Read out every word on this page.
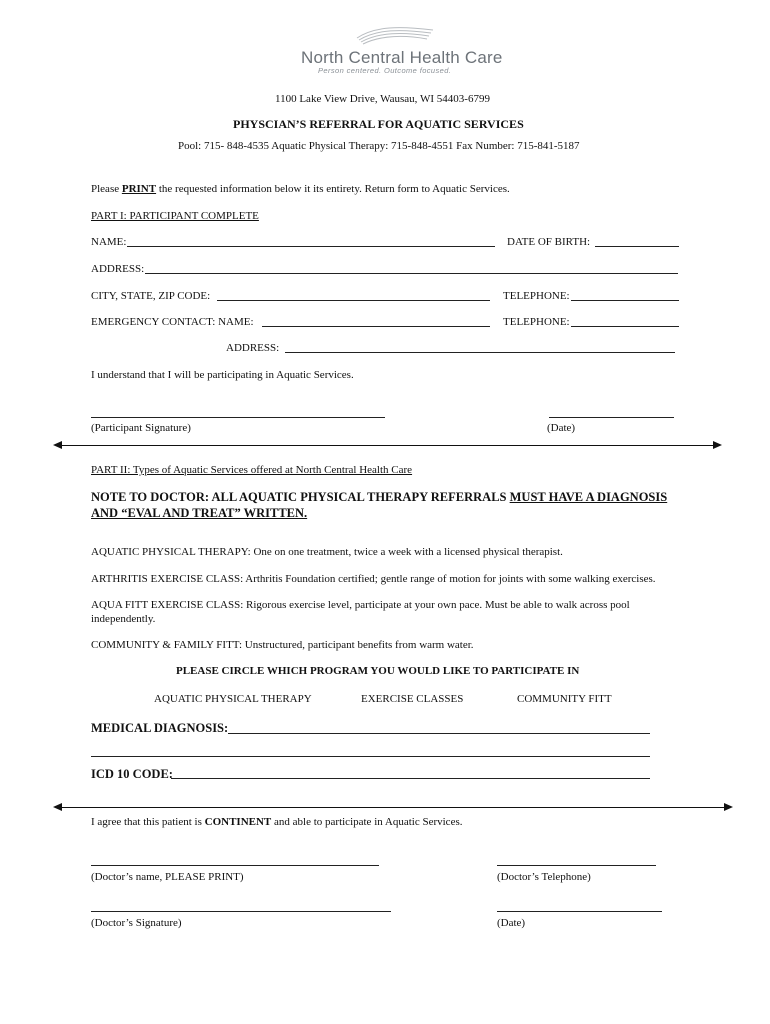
North Central Health Care
Person centered. Outcome focused.
1100 Lake View Drive, Wausau, WI 54403-6799
PHYSCIAN’S REFERRAL FOR AQUATIC SERVICES
Pool: 715- 848-4535 Aquatic Physical Therapy: 715-848-4551 Fax Number: 715-841-5187
Please PRINT the requested information below it its entirety. Return form to Aquatic Services.
PART I: PARTICIPANT COMPLETE
NAME:	DATE OF BIRTH:
ADDRESS:
CITY, STATE, ZIP CODE:	TELEPHONE:
EMERGENCY CONTACT: NAME:	TELEPHONE:
ADDRESS:
I understand that I will be participating in Aquatic Services.
(Participant Signature)	(Date)
PART II: Types of Aquatic Services offered at North Central Health Care
NOTE TO DOCTOR: ALL AQUATIC PHYSICAL THERAPY REFERRALS MUST HAVE A DIAGNOSIS
AND “EVAL AND TREAT” WRITTEN.
AQUATIC PHYSICAL THERAPY: One on one treatment, twice a week with a licensed physical therapist.
ARTHRITIS EXERCISE CLASS: Arthritis Foundation certified; gentle range of motion for joints with some walking exercises.
AQUA FITT EXERCISE CLASS: Rigorous exercise level, participate at your own pace. Must be able to walk across pool
independently.
COMMUNITY & FAMILY FITT: Unstructured, participant benefits from warm water.
PLEASE CIRCLE WHICH PROGRAM YOU WOULD LIKE TO PARTICIPATE IN
AQUATIC PHYSICAL THERAPY	EXERCISE CLASSES	COMMUNITY FITT
MEDICAL DIAGNOSIS:
ICD 10 CODE:
I agree that this patient is CONTINENT and able to participate in Aquatic Services.
(Doctor’s name, PLEASE PRINT)	(Doctor’s Telephone)
(Doctor’s Signature)	(Date)
